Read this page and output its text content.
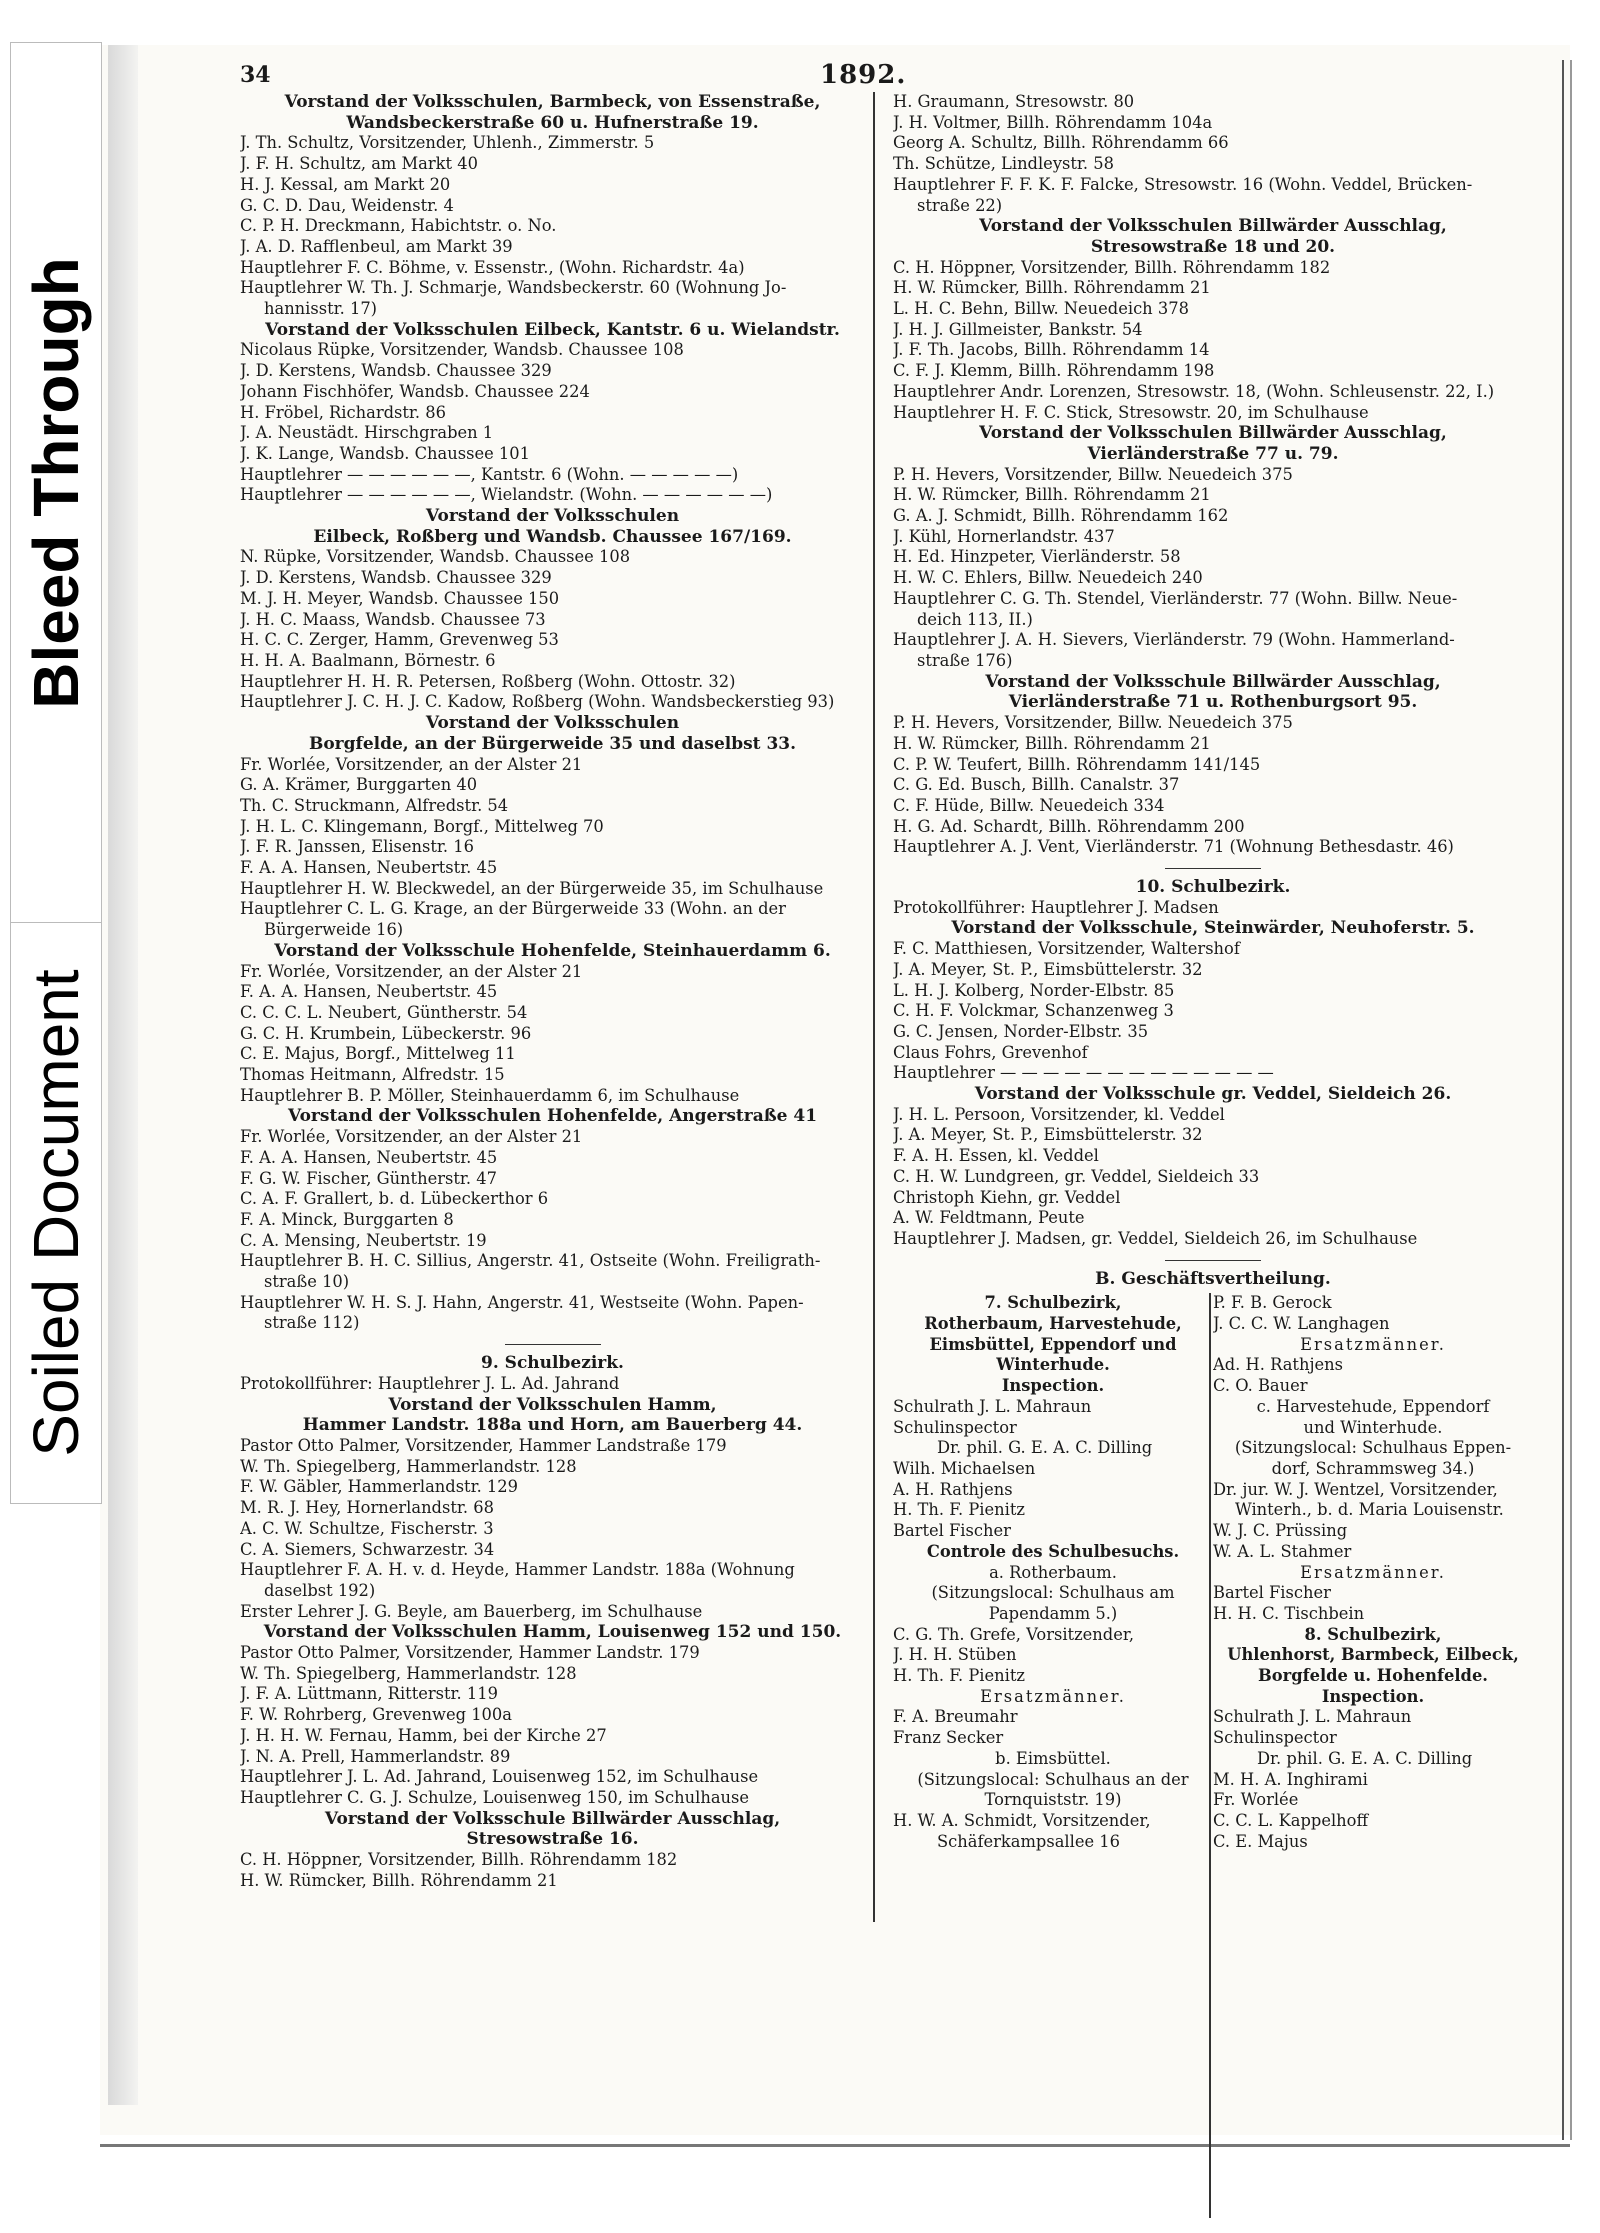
Bleed Through
Soiled Document
34	1892.
Vorstand der Volksschulen, Barmbeck, von Essenstraße,
Wandsbeckerstraße 60 u. Hufnerstraße 19.
J. Th. Schultz, Vorsitzender, Uhlenh., Zimmerstr. 5
J. F. H. Schultz, am Markt 40
H. J. Kessal, am Markt 20
G. C. D. Dau, Weidenstr. 4
C. P. H. Dreckmann, Habichtstr. o. No.
J. A. D. Rafflenbeul, am Markt 39
Hauptlehrer F. C. Böhme, v. Essenstr., (Wohn. Richardstr. 4a)
Hauptlehrer W. Th. J. Schmarje, Wandsbeckerstr. 60 (Wohnung Jo-
hannisstr. 17)
Vorstand der Volksschulen Eilbeck, Kantstr. 6 u. Wielandstr.
Nicolaus Rüpke, Vorsitzender, Wandsb. Chaussee 108
J. D. Kerstens, Wandsb. Chaussee 329
Johann Fischhöfer, Wandsb. Chaussee 224
H. Fröbel, Richardstr. 86
J. A. Neustädt. Hirschgraben 1
J. K. Lange, Wandsb. Chaussee 101
Hauptlehrer — — — — — —, Kantstr. 6 (Wohn. — — — — —)
Hauptlehrer — — — — — —, Wielandstr. (Wohn. — — — — — —)
Vorstand der Volksschulen
Eilbeck, Roßberg und Wandsb. Chaussee 167/169.
N. Rüpke, Vorsitzender, Wandsb. Chaussee 108
J. D. Kerstens, Wandsb. Chaussee 329
M. J. H. Meyer, Wandsb. Chaussee 150
J. H. C. Maass, Wandsb. Chaussee 73
H. C. C. Zerger, Hamm, Grevenweg 53
H. H. A. Baalmann, Börnestr. 6
Hauptlehrer H. H. R. Petersen, Roßberg (Wohn. Ottostr. 32)
Hauptlehrer J. C. H. J. C. Kadow, Roßberg (Wohn. Wandsbeckerstieg 93)
Vorstand der Volksschulen
Borgfelde, an der Bürgerweide 35 und daselbst 33.
Fr. Worlée, Vorsitzender, an der Alster 21
G. A. Krämer, Burggarten 40
Th. C. Struckmann, Alfredstr. 54
J. H. L. C. Klingemann, Borgf., Mittelweg 70
J. F. R. Janssen, Elisenstr. 16
F. A. A. Hansen, Neubertstr. 45
Hauptlehrer H. W. Bleckwedel, an der Bürgerweide 35, im Schulhause
Hauptlehrer C. L. G. Krage, an der Bürgerweide 33 (Wohn. an der
Bürgerweide 16)
Vorstand der Volksschule Hohenfelde, Steinhauerdamm 6.
Fr. Worlée, Vorsitzender, an der Alster 21
F. A. A. Hansen, Neubertstr. 45
C. C. C. L. Neubert, Güntherstr. 54
G. C. H. Krumbein, Lübeckerstr. 96
C. E. Majus, Borgf., Mittelweg 11
Thomas Heitmann, Alfredstr. 15
Hauptlehrer B. P. Möller, Steinhauerdamm 6, im Schulhause
Vorstand der Volksschulen Hohenfelde, Angerstraße 41
Fr. Worlée, Vorsitzender, an der Alster 21
F. A. A. Hansen, Neubertstr. 45
F. G. W. Fischer, Güntherstr. 47
C. A. F. Grallert, b. d. Lübeckerthor 6
F. A. Minck, Burggarten 8
C. A. Mensing, Neubertstr. 19
Hauptlehrer B. H. C. Sillius, Angerstr. 41, Ostseite (Wohn. Freiligrath-
straße 10)
Hauptlehrer W. H. S. J. Hahn, Angerstr. 41, Westseite (Wohn. Papen-
straße 112)
9. Schulbezirk.
Protokollführer: Hauptlehrer J. L. Ad. Jahrand
Vorstand der Volksschulen Hamm,
Hammer Landstr. 188a und Horn, am Bauerberg 44.
Pastor Otto Palmer, Vorsitzender, Hammer Landstraße 179
W. Th. Spiegelberg, Hammerlandstr. 128
F. W. Gäbler, Hammerlandstr. 129
M. R. J. Hey, Hornerlandstr. 68
A. C. W. Schultze, Fischerstr. 3
C. A. Siemers, Schwarzestr. 34
Hauptlehrer F. A. H. v. d. Heyde, Hammer Landstr. 188a (Wohnung
daselbst 192)
Erster Lehrer J. G. Beyle, am Bauerberg, im Schulhause
Vorstand der Volksschulen Hamm, Louisenweg 152 und 150.
Pastor Otto Palmer, Vorsitzender, Hammer Landstr. 179
W. Th. Spiegelberg, Hammerlandstr. 128
J. F. A. Lüttmann, Ritterstr. 119
F. W. Rohrberg, Grevenweg 100a
J. H. H. W. Fernau, Hamm, bei der Kirche 27
J. N. A. Prell, Hammerlandstr. 89
Hauptlehrer J. L. Ad. Jahrand, Louisenweg 152, im Schulhause
Hauptlehrer C. G. J. Schulze, Louisenweg 150, im Schulhause
Vorstand der Volksschule Billwärder Ausschlag,
Stresowstraße 16.
C. H. Höppner, Vorsitzender, Billh. Röhrendamm 182
H. W. Rümcker, Billh. Röhrendamm 21
H. Graumann, Stresowstr. 80
J. H. Voltmer, Billh. Röhrendamm 104a
Georg A. Schultz, Billh. Röhrendamm 66
Th. Schütze, Lindleystr. 58
Hauptlehrer F. F. K. F. Falcke, Stresowstr. 16 (Wohn. Veddel, Brücken-
straße 22)
Vorstand der Volksschulen Billwärder Ausschlag,
Stresowstraße 18 und 20.
C. H. Höppner, Vorsitzender, Billh. Röhrendamm 182
H. W. Rümcker, Billh. Röhrendamm 21
L. H. C. Behn, Billw. Neuedeich 378
J. H. J. Gillmeister, Bankstr. 54
J. F. Th. Jacobs, Billh. Röhrendamm 14
C. F. J. Klemm, Billh. Röhrendamm 198
Hauptlehrer Andr. Lorenzen, Stresowstr. 18, (Wohn. Schleusenstr. 22, I.)
Hauptlehrer H. F. C. Stick, Stresowstr. 20, im Schulhause
Vorstand der Volksschulen Billwärder Ausschlag,
Vierländerstraße 77 u. 79.
P. H. Hevers, Vorsitzender, Billw. Neuedeich 375
H. W. Rümcker, Billh. Röhrendamm 21
G. A. J. Schmidt, Billh. Röhrendamm 162
J. Kühl, Hornerlandstr. 437
H. Ed. Hinzpeter, Vierländerstr. 58
H. W. C. Ehlers, Billw. Neuedeich 240
Hauptlehrer C. G. Th. Stendel, Vierländerstr. 77 (Wohn. Billw. Neue-
deich 113, II.)
Hauptlehrer J. A. H. Sievers, Vierländerstr. 79 (Wohn. Hammerland-
straße 176)
Vorstand der Volksschule Billwärder Ausschlag,
Vierländerstraße 71 u. Rothenburgsort 95.
P. H. Hevers, Vorsitzender, Billw. Neuedeich 375
H. W. Rümcker, Billh. Röhrendamm 21
C. P. W. Teufert, Billh. Röhrendamm 141/145
C. G. Ed. Busch, Billh. Canalstr. 37
C. F. Hüde, Billw. Neuedeich 334
H. G. Ad. Schardt, Billh. Röhrendamm 200
Hauptlehrer A. J. Vent, Vierländerstr. 71 (Wohnung Bethesdastr. 46)
10. Schulbezirk.
Protokollführer: Hauptlehrer J. Madsen
Vorstand der Volksschule, Steinwärder, Neuhoferstr. 5.
F. C. Matthiesen, Vorsitzender, Waltershof
J. A. Meyer, St. P., Eimsbüttelerstr. 32
L. H. J. Kolberg, Norder-Elbstr. 85
C. H. F. Volckmar, Schanzenweg 3
G. C. Jensen, Norder-Elbstr. 35
Claus Fohrs, Grevenhof
Hauptlehrer — — — — — — — — — — — — —
Vorstand der Volksschule gr. Veddel, Sieldeich 26.
J. H. L. Persoon, Vorsitzender, kl. Veddel
J. A. Meyer, St. P., Eimsbüttelerstr. 32
F. A. H. Essen, kl. Veddel
C. H. W. Lundgreen, gr. Veddel, Sieldeich 33
Christoph Kiehn, gr. Veddel
A. W. Feldtmann, Peute
Hauptlehrer J. Madsen, gr. Veddel, Sieldeich 26, im Schulhause
B. Geschäftsvertheilung.
7. Schulbezirk,
Rotherbaum, Harvestehude,
Eimsbüttel, Eppendorf und
Winterhude.
Inspection.
Schulrath J. L. Mahraun
Schulinspector
Dr. phil. G. E. A. C. Dilling
Wilh. Michaelsen
A. H. Rathjens
H. Th. F. Pienitz
Bartel Fischer
Controle des Schulbesuchs.
a. Rotherbaum.
(Sitzungslocal: Schulhaus am
Papendamm 5.)
C. G. Th. Grefe, Vorsitzender,
J. H. H. Stüben
H. Th. F. Pienitz
Ersatzmänner.
F. A. Breumahr
Franz Secker
b. Eimsbüttel.
(Sitzungslocal: Schulhaus an der
Tornquiststr. 19)
H. W. A. Schmidt, Vorsitzender,
Schäferkampsallee 16
P. F. B. Gerock
J. C. C. W. Langhagen
Ersatzmänner.
Ad. H. Rathjens
C. O. Bauer
c. Harvestehude, Eppendorf
und Winterhude.
(Sitzungslocal: Schulhaus Eppen-
dorf, Schrammsweg 34.)
Dr. jur. W. J. Wentzel, Vorsitzender,
Winterh., b. d. Maria Louisenstr.
W. J. C. Prüssing
W. A. L. Stahmer
Ersatzmänner.
Bartel Fischer
H. H. C. Tischbein
8. Schulbezirk,
Uhlenhorst, Barmbeck, Eilbeck,
Borgfelde u. Hohenfelde.
Inspection.
Schulrath J. L. Mahraun
Schulinspector
Dr. phil. G. E. A. C. Dilling
M. H. A. Inghirami
Fr. Worlée
C. C. L. Kappelhoff
C. E. Majus
